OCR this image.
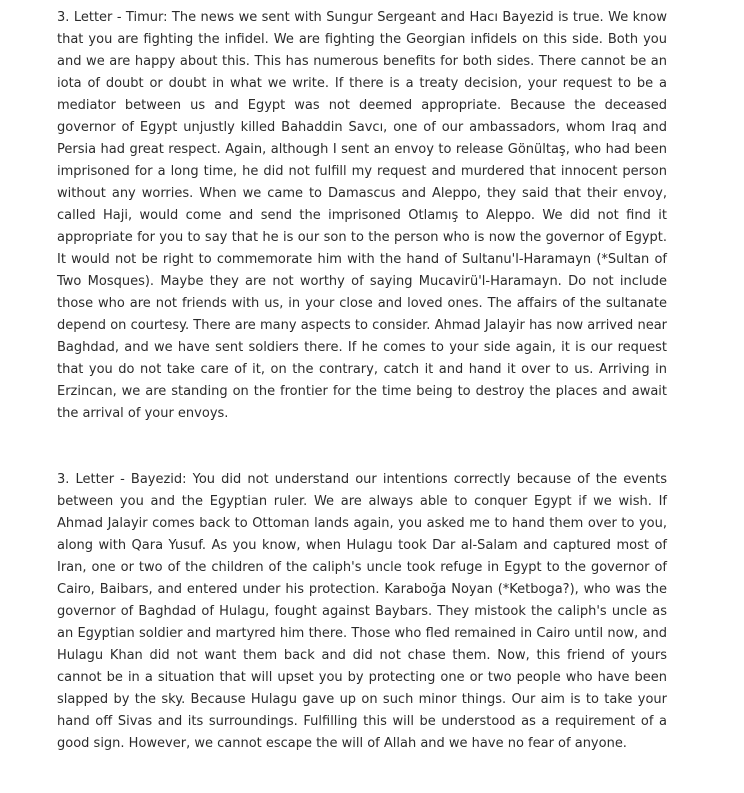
3. Letter - Timur: The news we sent with Sungur Sergeant and Hacı Bayezid is true. We know that you are fighting the infidel. We are fighting the Georgian infidels on this side. Both you and we are happy about this. This has numerous benefits for both sides. There cannot be an iota of doubt or doubt in what we write. If there is a treaty decision, your request to be a mediator between us and Egypt was not deemed appropriate. Because the deceased governor of Egypt unjustly killed Bahaddin Savcı, one of our ambassadors, whom Iraq and Persia had great respect. Again, although I sent an envoy to release Gönültaş, who had been imprisoned for a long time, he did not fulfill my request and murdered that innocent person without any worries. When we came to Damascus and Aleppo, they said that their envoy, called Haji, would come and send the imprisoned Otlamış to Aleppo. We did not find it appropriate for you to say that he is our son to the person who is now the governor of Egypt. It would not be right to commemorate him with the hand of Sultanu'l-Haramayn (*Sultan of Two Mosques). Maybe they are not worthy of saying Mucavirü'l-Haramayn. Do not include those who are not friends with us, in your close and loved ones. The affairs of the sultanate depend on courtesy. There are many aspects to consider. Ahmad Jalayir has now arrived near Baghdad, and we have sent soldiers there. If he comes to your side again, it is our request that you do not take care of it, on the contrary, catch it and hand it over to us. Arriving in Erzincan, we are standing on the frontier for the time being to destroy the places and await the arrival of your envoys.

3. Letter - Bayezid: You did not understand our intentions correctly because of the events between you and the Egyptian ruler. We are always able to conquer Egypt if we wish. If Ahmad Jalayir comes back to Ottoman lands again, you asked me to hand them over to you, along with Qara Yusuf. As you know, when Hulagu took Dar al-Salam and captured most of Iran, one or two of the children of the caliph's uncle took refuge in Egypt to the governor of Cairo, Baibars, and entered under his protection. Karaboğa Noyan (*Ketboga?), who was the governor of Baghdad of Hulagu, fought against Baybars. They mistook the caliph's uncle as an Egyptian soldier and martyred him there. Those who fled remained in Cairo until now, and Hulagu Khan did not want them back and did not chase them. Now, this friend of yours cannot be in a situation that will upset you by protecting one or two people who have been slapped by the sky. Because Hulagu gave up on such minor things. Our aim is to take your hand off Sivas and its surroundings. Fulfilling this will be understood as a requirement of a good sign. However, we cannot escape the will of Allah and we have no fear of anyone.
